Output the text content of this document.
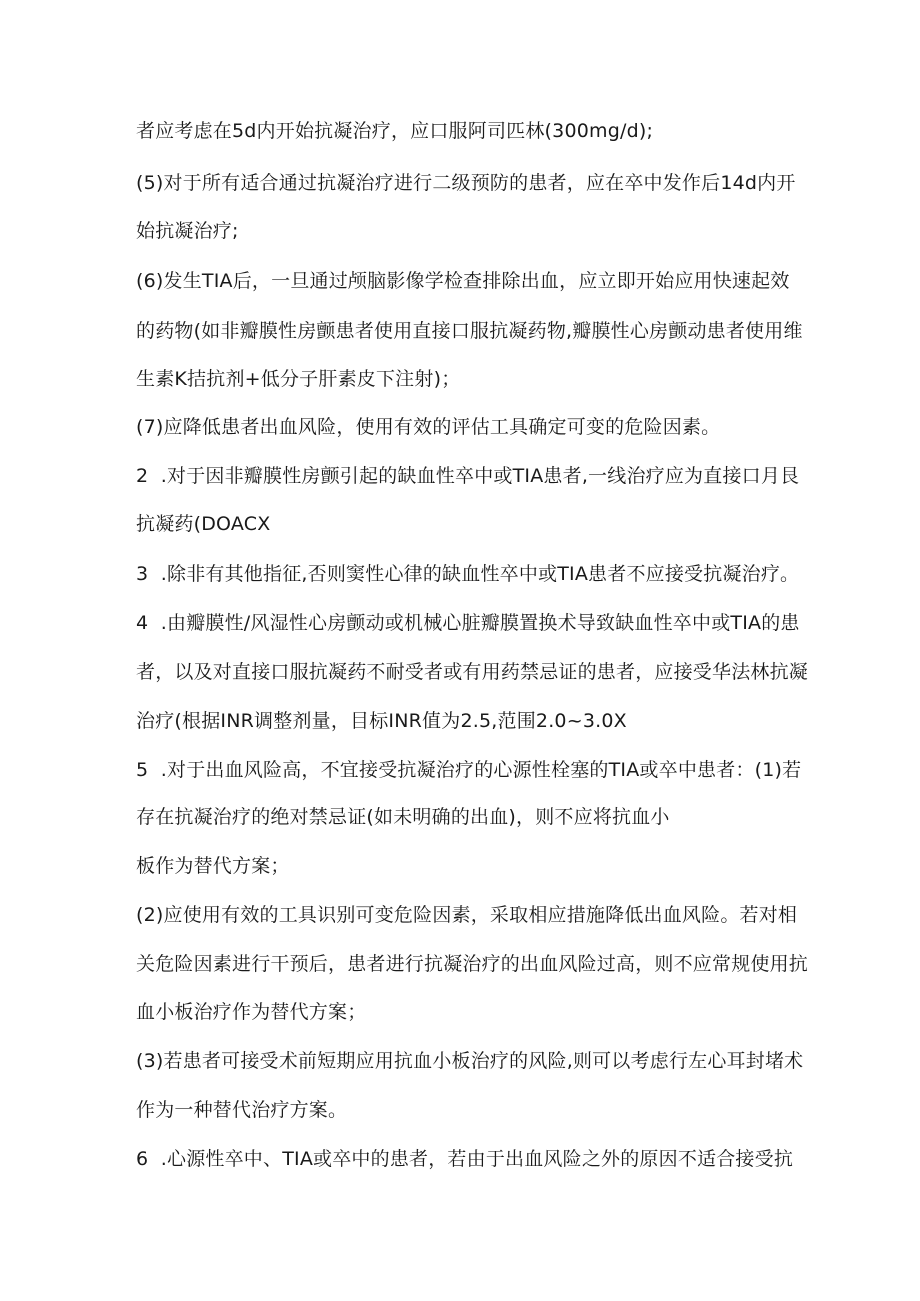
者应考虑在5d内开始抗凝治疗，应口服阿司匹林(300mg/d);

(5)对于所有适合通过抗凝治疗进行二级预防的患者，应在卒中发作后14d内开

始抗凝治疗;

(6)发生TIA后，一旦通过颅脑影像学检查排除出血，应立即开始应用快速起效

的药物(如非瓣膜性房颤患者使用直接口服抗凝药物,瓣膜性心房颤动患者使用维

生素K拮抗剂+低分子肝素皮下注射)；

(7)应降低患者出血风险，使用有效的评估工具确定可变的危险因素。

2  .对于因非瓣膜性房颤引起的缺血性卒中或TIA患者,一线治疗应为直接口月艮

抗凝药(DOACX

3  .除非有其他指征,否则窦性心律的缺血性卒中或TIA患者不应接受抗凝治疗。

4  .由瓣膜性/风湿性心房颤动或机械心脏瓣膜置换术导致缺血性卒中或TIA的患

者，以及对直接口服抗凝药不耐受者或有用药禁忌证的患者，应接受华法林抗凝

治疗(根据INR调整剂量，目标INR值为2.5,范围2.0~3.0X

5  .对于出血风险高，不宜接受抗凝治疗的心源性栓塞的TIA或卒中患者：(1)若

存在抗凝治疗的绝对禁忌证(如未明确的出血)，则不应将抗血小

板作为替代方案；

(2)应使用有效的工具识别可变危险因素，采取相应措施降低出血风险。若对相

关危险因素进行干预后，患者进行抗凝治疗的出血风险过高，则不应常规使用抗

血小板治疗作为替代方案；

(3)若患者可接受术前短期应用抗血小板治疗的风险,则可以考虑行左心耳封堵术

作为一种替代治疗方案。

6  .心源性卒中、TIA或卒中的患者，若由于出血风险之外的原因不适合接受抗
